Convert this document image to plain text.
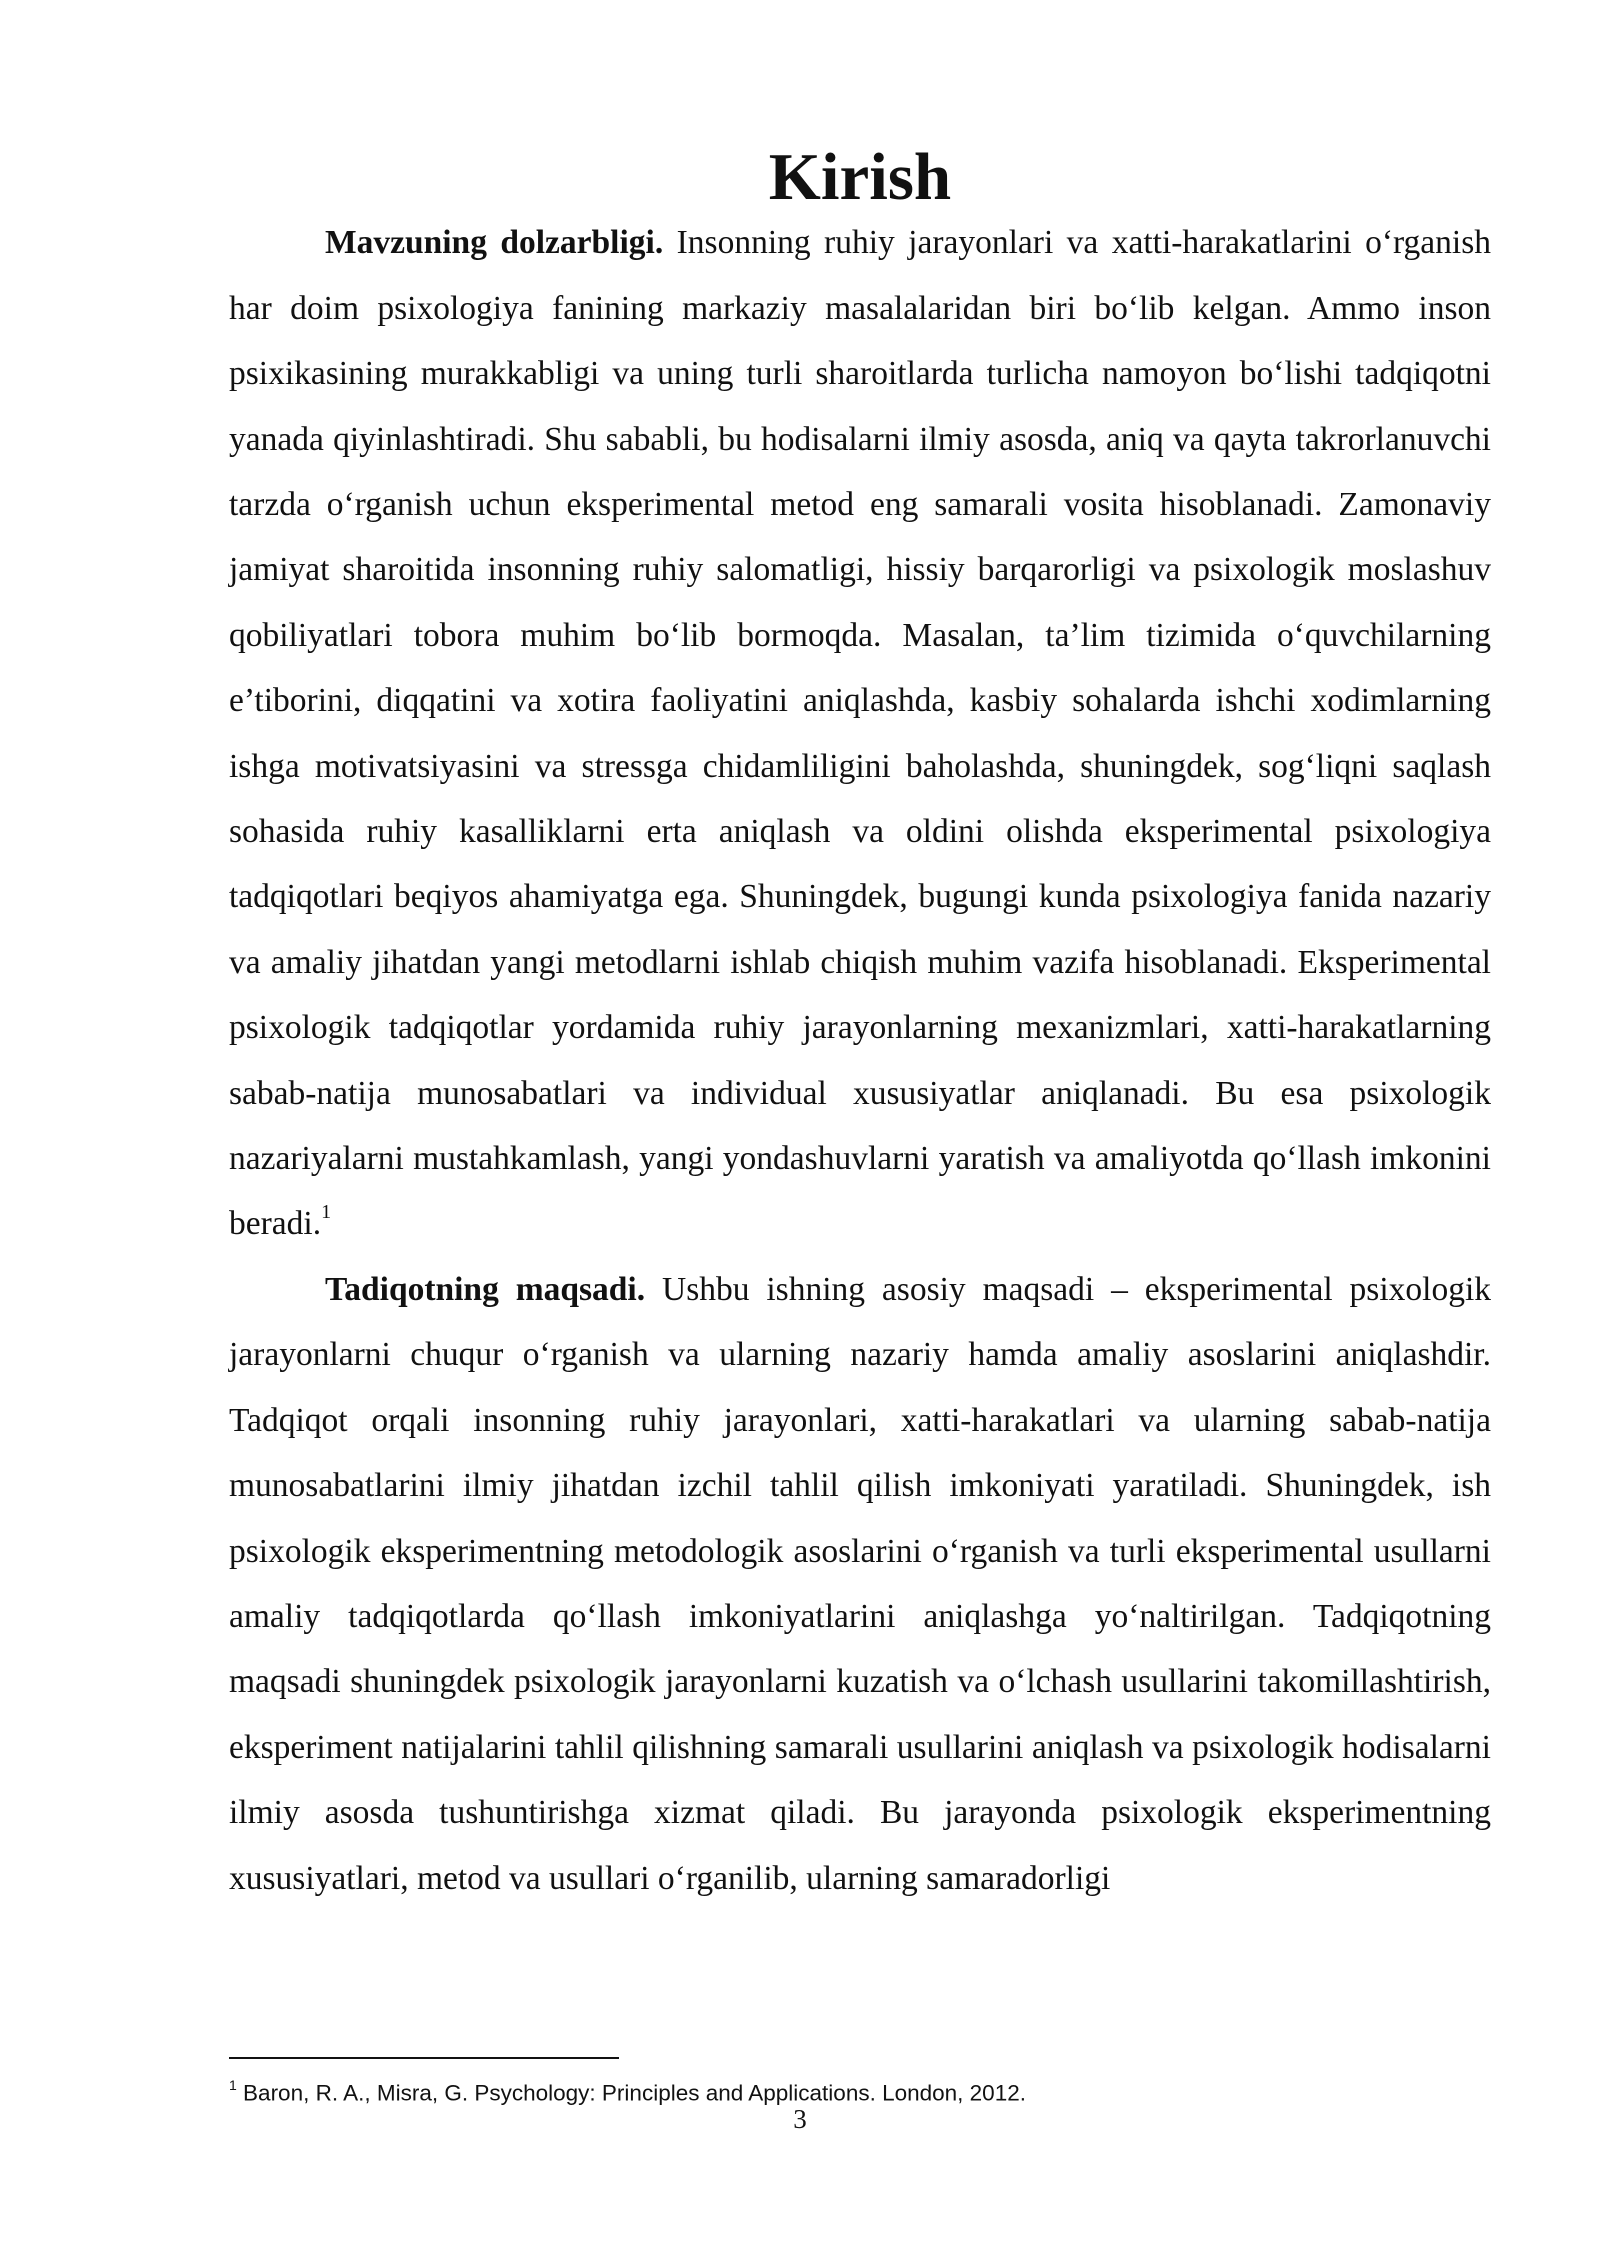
Kirish

Mavzuning dolzarbligi. Insonning ruhiy jarayonlari va xatti-harakatlarini o‘rganish har doim psixologiya fanining markaziy masalalaridan biri bo‘lib kelgan. Ammo inson psixikasining murakkabligi va uning turli sharoitlarda turlicha namoyon bo‘lishi tadqiqotni yanada qiyinlashtiradi. Shu sababli, bu hodisalarni ilmiy asosda, aniq va qayta takrorlanuvchi tarzda o‘rganish uchun eksperimental metod eng samarali vosita hisoblanadi. Zamonaviy jamiyat sharoitida insonning ruhiy salomatligi, hissiy barqarorligi va psixologik moslashuv qobiliyatlari tobora muhim bo‘lib bormoqda. Masalan, ta’lim tizimida o‘quvchilarning e’tiborini, diqqatini va xotira faoliyatini aniqlashda, kasbiy sohalarda ishchi xodimlarning ishga motivatsiyasini va stressga chidamliligini baholashda, shuningdek, sog‘liqni saqlash sohasida ruhiy kasalliklarni erta aniqlash va oldini olishda eksperimental psixologiya tadqiqotlari beqiyos ahamiyatga ega. Shuningdek, bugungi kunda psixologiya fanida nazariy va amaliy jihatdan yangi metodlarni ishlab chiqish muhim vazifa hisoblanadi. Eksperimental psixologik tadqiqotlar yordamida ruhiy jarayonlarning mexanizmlari, xatti-harakatlarning sabab-natija munosabatlari va individual xususiyatlar aniqlanadi. Bu esa psixologik nazariyalarni mustahkamlash, yangi yondashuvlarni yaratish va amaliyotda qo‘llash imkonini beradi.$^1$

Tadiqotning maqsadi. Ushbu ishning asosiy maqsadi – eksperimental psixologik jarayonlarni chuqur o‘rganish va ularning nazariy hamda amaliy asoslarini aniqlashdir. Tadqiqot orqali insonning ruhiy jarayonlari, xatti-harakatlari va ularning sabab-natija munosabatlarini ilmiy jihatdan izchil tahlil qilish imkoniyati yaratiladi. Shuningdek, ish psixologik eksperimentning metodologik asoslarini o‘rganish va turli eksperimental usullarni amaliy tadqiqotlarda qo‘llash imkoniyatlarini aniqlashga yo‘naltirilgan. Tadqiqotning maqsadi shuningdek psixologik jarayonlarni kuzatish va o‘lchash usullarini takomillashtirish, eksperiment natijalarini tahlil qilishning samarali usullarini aniqlash va psixologik hodisalarni ilmiy asosda tushuntirishga xizmat qiladi. Bu jarayonda psixologik eksperimentning xususiyatlari, metod va usullari o‘rganilib, ularning samaradorligi

$^1$ Baron, R. A., Misra, G. Psychology: Principles and Applications. London, 2012.
3
